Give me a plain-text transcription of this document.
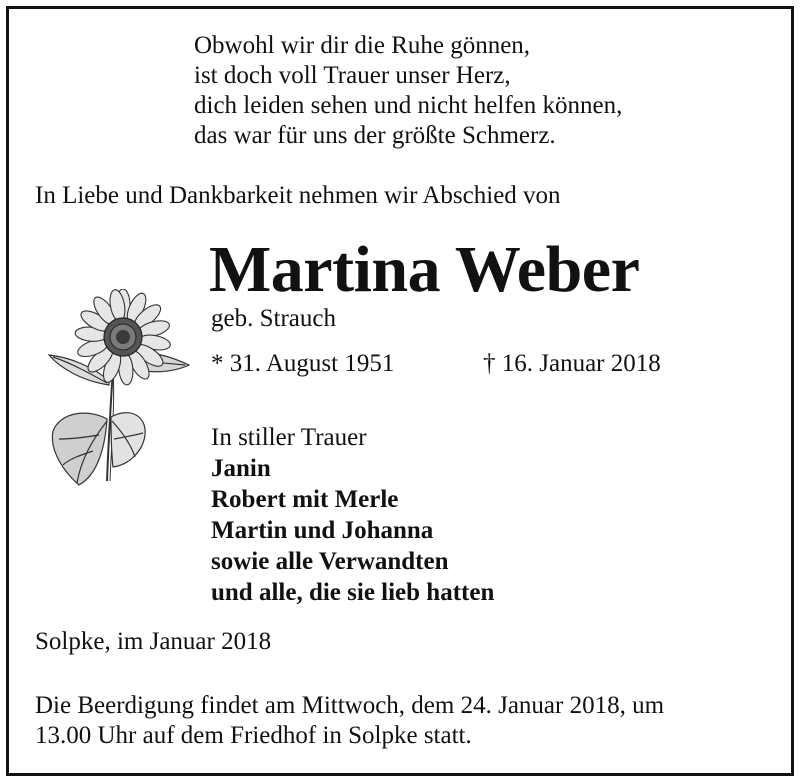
Obwohl wir dir die Ruhe gönnen,
ist doch voll Trauer unser Herz,
dich leiden sehen und nicht helfen können,
das war für uns der größte Schmerz.
In Liebe und Dankbarkeit nehmen wir Abschied von
Martina Weber
geb. Strauch
* 31. August 1951	† 16. Januar 2018
In stiller Trauer
Janin
Robert mit Merle
Martin und Johanna
sowie alle Verwandten
und alle, die sie lieb hatten
Solpke, im Januar 2018
Die Beerdigung findet am Mittwoch, dem 24. Januar 2018, um
13.00 Uhr auf dem Friedhof in Solpke statt.
